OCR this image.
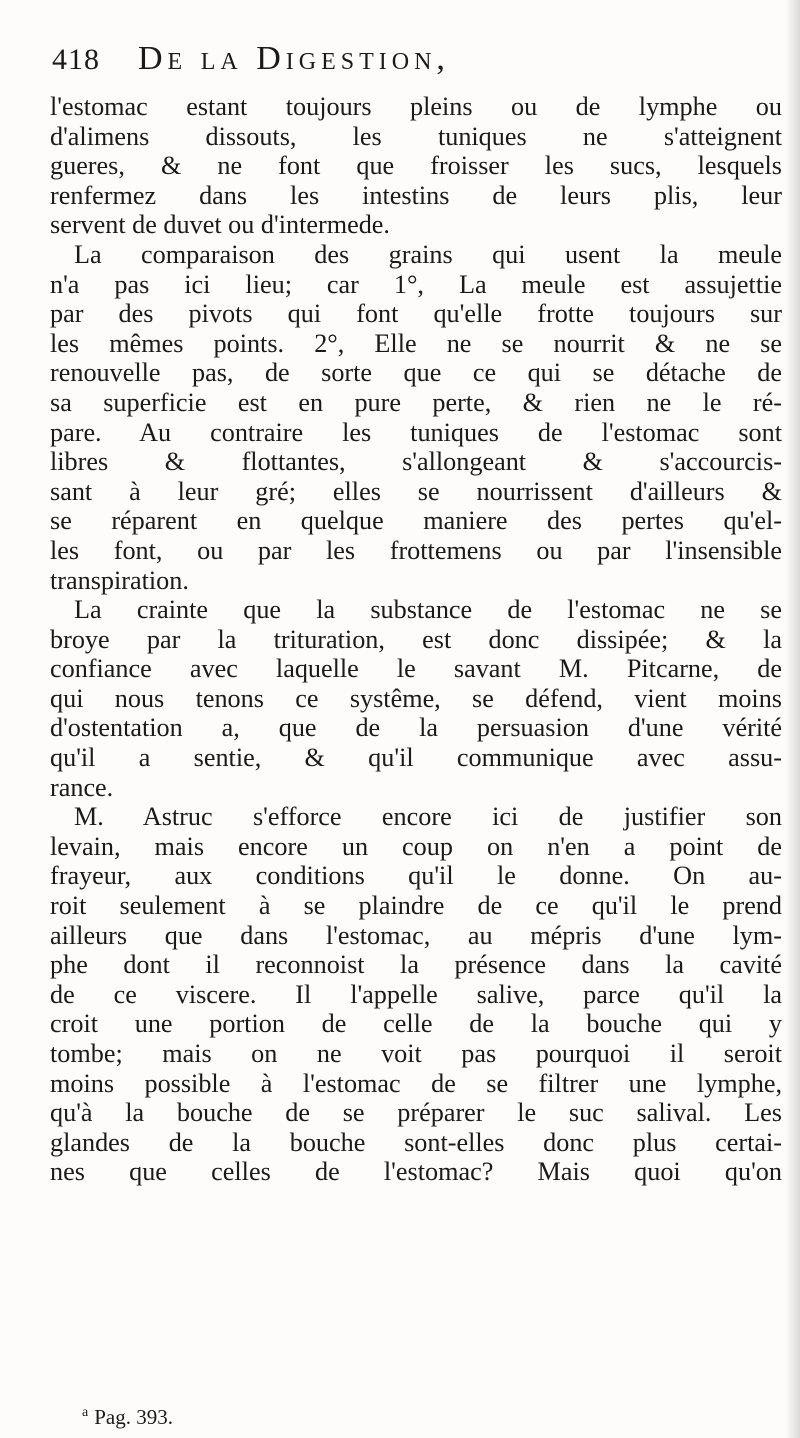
418 De la Digestion,
l'estomac estant toujours pleins ou de lymphe ou
d'alimens dissouts, les tuniques ne s'atteignent
gueres, & ne font que froisser les sucs, lesquels
renfermez dans les intestins de leurs plis, leur
servent de duvet ou d'intermede.
La comparaison des grains qui usent la meule
n'a pas ici lieu; car 1°, La meule est assujettie
par des pivots qui font qu'elle frotte toujours sur
les mêmes points. 2°, Elle ne se nourrit & ne se
renouvelle pas, de sorte que ce qui se détache de
sa superficie est en pure perte, & rien ne le ré-
pare. Au contraire les tuniques de l'estomac sont
libres & flottantes, s'allongeant & s'accourcis-
sant à leur gré; elles se nourrissent d'ailleurs &
se réparent en quelque maniere des pertes qu'el-
les font, ou par les frottemens ou par l'insensible
transpiration.
La crainte que la substance de l'estomac ne se
broye par la trituration, est donc dissipée; & la
confiance avec laquelle le savant M. Pitcarne, de
qui nous tenons ce systême, se défend, vient moins
d'ostentation a, que de la persuasion d'une vérité
qu'il a sentie, & qu'il communique avec assu-
rance.
M. Astruc s'efforce encore ici de justifier son
levain, mais encore un coup on n'en a point de
frayeur, aux conditions qu'il le donne. On au-
roit seulement à se plaindre de ce qu'il le prend
ailleurs que dans l'estomac, au mépris d'une lym-
phe dont il reconnoist la présence dans la cavité
de ce viscere. Il l'appelle salive, parce qu'il la
croit une portion de celle de la bouche qui y
tombe; mais on ne voit pas pourquoi il seroit
moins possible à l'estomac de se filtrer une lymphe,
qu'à la bouche de se préparer le suc salival. Les
glandes de la bouche sont-elles donc plus certai-
nes que celles de l'estomac? Mais quoi qu'on
$^a$ Pag. 393.
